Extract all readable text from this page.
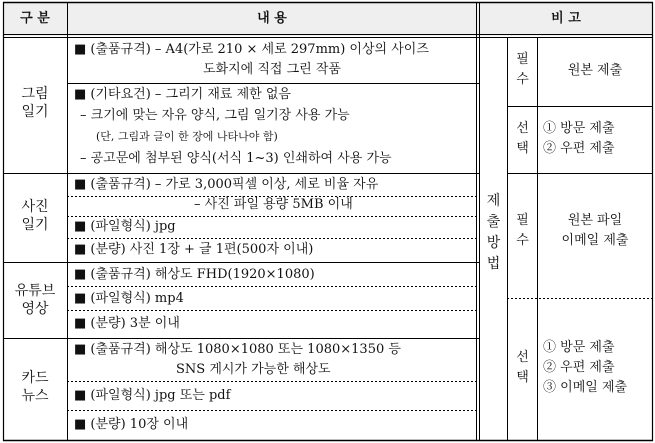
구 분	내 용	비 고
그림
일기
■ (출품규격) – A4(가로 210 × 세로 297mm) 이상의 사이즈
도화지에 직접 그린 작품
■ (기타요건) – 그리기 재료 제한 없음
– 크기에 맞는 자유 양식, 그림 일기장 사용 가능
(단, 그림과 글이 한 장에 나타나야 함)
– 공고문에 첨부된 양식(서식 1~3) 인쇄하여 사용 가능
사진
일기
■ (출품규격) – 가로 3,000픽셀 이상, 세로 비율 자유
– 사진 파일 용량 5MB 이내
■ (파일형식) jpg
■ (분량) 사진 1장 + 글 1편(500자 이내)
유튜브
영상
■ (출품규격) 해상도 FHD(1920×1080)
■ (파일형식) mp4
■ (분량) 3분 이내
카드
뉴스
■ (출품규격) 해상도 1080×1080 또는 1080×1350 등
SNS 게시가 가능한 해상도
■ (파일형식) jpg 또는 pdf
■ (분량) 10장 이내
제
출
방
법
필
수
원본 제출
선
택
① 방문 제출
② 우편 제출
필
수
원본 파일
이메일 제출
선
택
① 방문 제출
② 우편 제출
③ 이메일 제출
